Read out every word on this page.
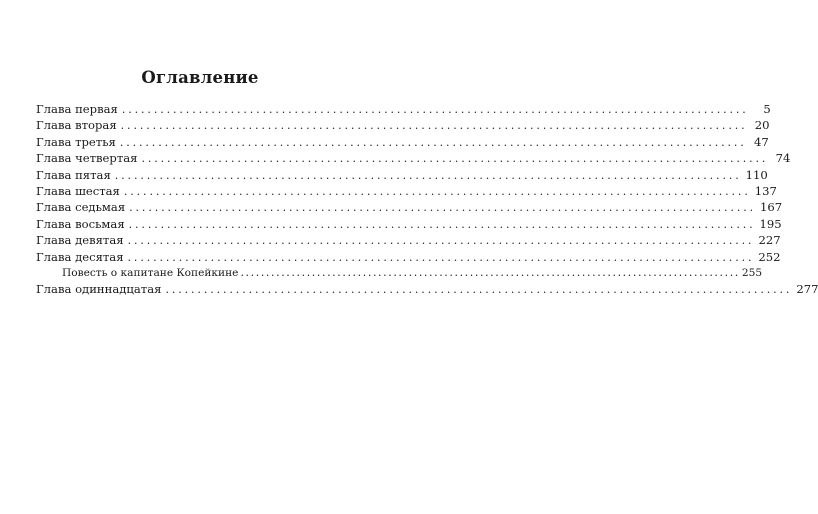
Оглавление
Глава первая ..................................................................................................	5
Глава вторая .................................................................................................. 20
Глава третья .................................................................................................. 47
Глава четвертая .................................................................................................. 74
Глава пятая .................................................................................................. 110
Глава шестая .................................................................................................. 137
Глава седьмая .................................................................................................. 167
Глава восьмая .................................................................................................. 195
Глава девятая .................................................................................................. 227
Глава десятая .................................................................................................. 252
Повесть о капитане Копейкине .................................................................................................. 255
Глава одиннадцатая .................................................................................................. 277
